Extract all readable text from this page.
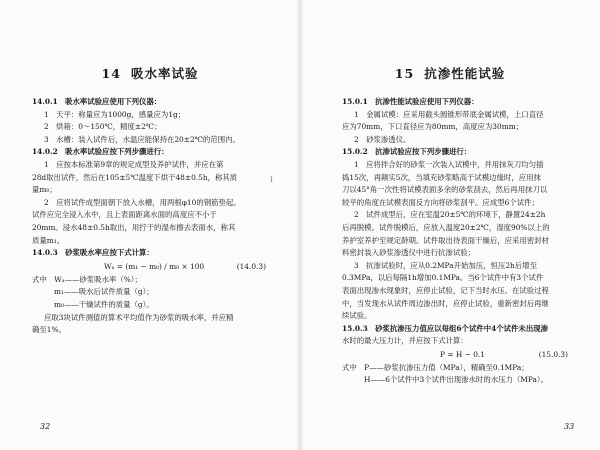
14 吸水率试验

14.0.1　吸水率试验应使用下列仪器：

1　天平：称量应为1000g，感量应为1g；

2　烘箱：0～150℃，精度±2℃；

3　水槽：装入试件后，水温应能保持在20±2℃的范围内。

14.0.2　吸水率试验应按下列步骤进行：

1　应按本标准第9章的规定成型及养护试件，并应在第

28d取出试件，然后在105±5℃温度下烘干48±0.5h，称其质

量m₀；

2　应将试件成型面朝下放入水槽，用两根φ10的钢筋垫起。

试件应完全浸入水中，且上表面距离水面的高度应不小于

20mm。浸水48±0.5h取出，用拧干的湿布擦去表面水，称其

质量m₁。

14.0.3　砂浆吸水率应按下式计算：

Wₐ = (m₁ − m₀) / m₀ × 100	(14.0.3)

式中　Wₐ——砂浆吸水率（%）；

m₁——吸水后试件质量（g）；

m₀——干燥试件的质量（g）。

应取3块试件测值的算术平均值作为砂浆的吸水率，并应精

确至1%。

I
32
15 抗渗性能试验

15.0.1　抗渗性能试验应使用下列仪器：

1　金属试模：应采用截头圆锥形带底金属试模，上口直径

应为70mm，下口直径应为80mm，高度应为30mm；

2　砂浆渗透仪。

15.0.2　抗渗试验应按下列步骤进行：

1　应将拌合好的砂浆一次装入试模中，并用抹灰刀均匀插

捣15次，再颠实5次，当填充砂浆略高于试模边缘时，应用抹

刀以45°角一次性将试模表面多余的砂浆刮去，然后再用抹刀以

较平的角度在试模表面反方向将砂浆刮平。应成型6个试件；

2　试件成型后，应在室温20±5℃的环境下，静置24±2h

后再脱模。试件脱模后，应放入温度20±2℃，湿度90%以上的

养护室养护至规定龄期。试件取出待表面干燥后，应采用密封材

料密封装入砂浆渗透仪中进行抗渗试验；

3　抗渗试验时，应从0.2MPa开始加压，恒压2h后增至

0.3MPa，以后每隔1h增加0.1MPa。当6个试件中有3个试件

表面出现渗水现象时，应停止试验，记下当时水压。在试验过程

中，当发现水从试件周边渗出时，应停止试验，重新密封后再继

续试验。

15.0.3　砂浆抗渗压力值应以每组6个试件中4个试件未出现渗

水时的最大压力计，并应按下式计算：

P = H − 0.1	(15.0.3)

式中　P——砂浆抗渗压力值（MPa），精确至0.1MPa；

H——6个试件中3个试件出现渗水时的水压力（MPa）。

33
